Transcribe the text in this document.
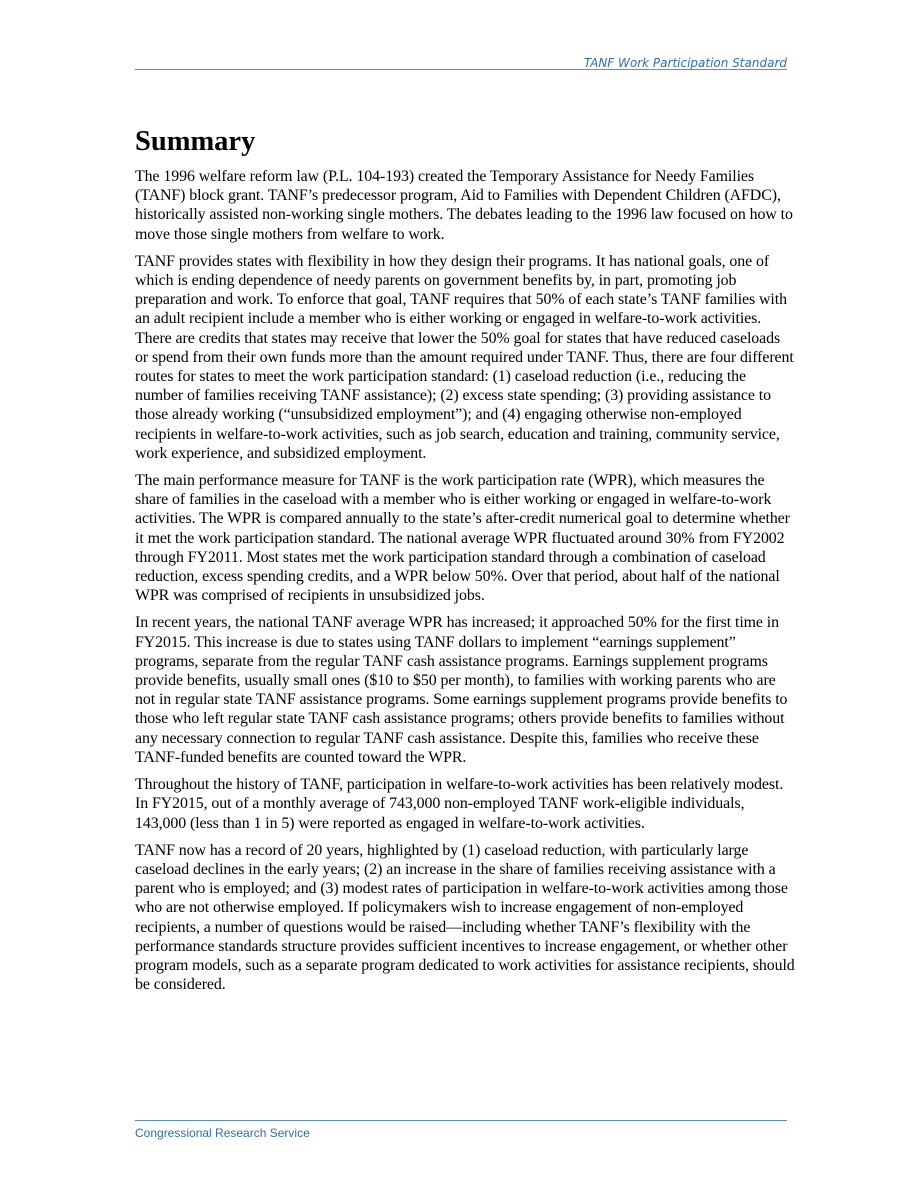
TANF Work Participation Standard
Summary

The 1996 welfare reform law (P.L. 104-193) created the Temporary Assistance for Needy Families (TANF) block grant. TANF’s predecessor program, Aid to Families with Dependent Children (AFDC), historically assisted non-working single mothers. The debates leading to the 1996 law focused on how to move those single mothers from welfare to work.

TANF provides states with flexibility in how they design their programs. It has national goals, one of which is ending dependence of needy parents on government benefits by, in part, promoting job preparation and work. To enforce that goal, TANF requires that 50% of each state’s TANF families with an adult recipient include a member who is either working or engaged in welfare-to-work activities. There are credits that states may receive that lower the 50% goal for states that have reduced caseloads or spend from their own funds more than the amount required under TANF. Thus, there are four different routes for states to meet the work participation standard: (1) caseload reduction (i.e., reducing the number of families receiving TANF assistance); (2) excess state spending; (3) providing assistance to those already working (“unsubsidized employment”); and (4) engaging otherwise non-employed recipients in welfare-to-work activities, such as job search, education and training, community service, work experience, and subsidized employment.

The main performance measure for TANF is the work participation rate (WPR), which measures the share of families in the caseload with a member who is either working or engaged in welfare-to-work activities. The WPR is compared annually to the state’s after-credit numerical goal to determine whether it met the work participation standard. The national average WPR fluctuated around 30% from FY2002 through FY2011. Most states met the work participation standard through a combination of caseload reduction, excess spending credits, and a WPR below 50%. Over that period, about half of the national WPR was comprised of recipients in unsubsidized jobs.

In recent years, the national TANF average WPR has increased; it approached 50% for the first time in FY2015. This increase is due to states using TANF dollars to implement “earnings supplement” programs, separate from the regular TANF cash assistance programs. Earnings supplement programs provide benefits, usually small ones ($10 to $50 per month), to families with working parents who are not in regular state TANF assistance programs. Some earnings supplement programs provide benefits to those who left regular state TANF cash assistance programs; others provide benefits to families without any necessary connection to regular TANF cash assistance. Despite this, families who receive these TANF-funded benefits are counted toward the WPR.

Throughout the history of TANF, participation in welfare-to-work activities has been relatively modest. In FY2015, out of a monthly average of 743,000 non-employed TANF work-eligible individuals, 143,000 (less than 1 in 5) were reported as engaged in welfare-to-work activities.

TANF now has a record of 20 years, highlighted by (1) caseload reduction, with particularly large caseload declines in the early years; (2) an increase in the share of families receiving assistance with a parent who is employed; and (3) modest rates of participation in welfare-to-work activities among those who are not otherwise employed. If policymakers wish to increase engagement of non-employed recipients, a number of questions would be raised—including whether TANF’s flexibility with the performance standards structure provides sufficient incentives to increase engagement, or whether other program models, such as a separate program dedicated to work activities for assistance recipients, should be considered.

Congressional Research Service
